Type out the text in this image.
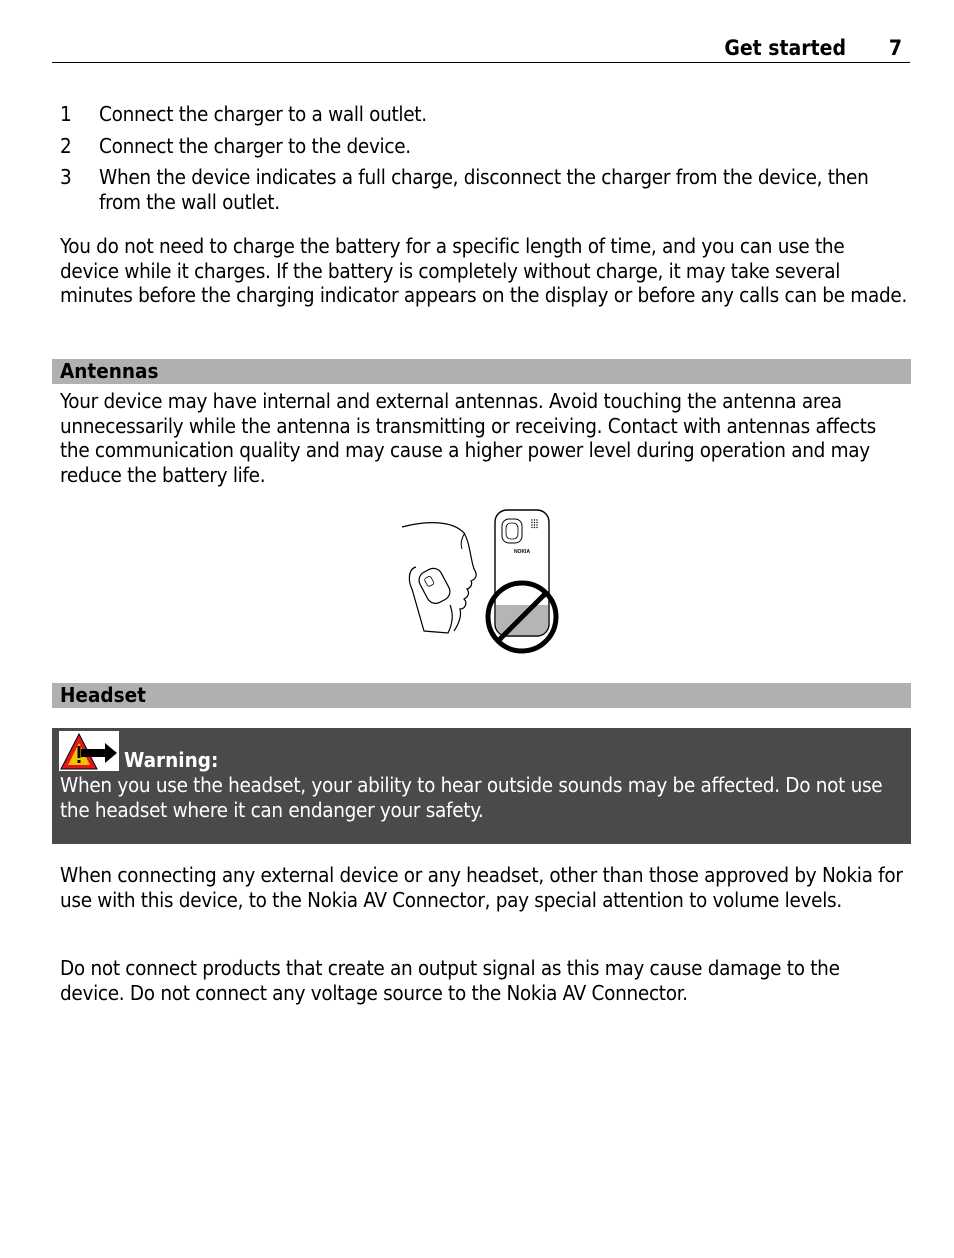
Get started 7
1	Connect the charger to a wall outlet.
2	Connect the charger to the device.
3	When the device indicates a full charge, disconnect the charger from the device, then from the wall outlet.

You do not need to charge the battery for a specific length of time, and you can use the device while it charges. If the battery is completely without charge, it may take several minutes before the charging indicator appears on the display or before any calls can be made.

Antennas

Your device may have internal and external antennas. Avoid touching the antenna area unnecessarily while the antenna is transmitting or receiving. Contact with antennas affects the communication quality and may cause a higher power level during operation and may reduce the battery life.

NOKIA
Headset
Warning:
When you use the headset, your ability to hear outside sounds may be affected. Do not use the headset where it can endanger your safety.

When connecting any external device or any headset, other than those approved by Nokia for use with this device, to the Nokia AV Connector, pay special attention to volume levels.

Do not connect products that create an output signal as this may cause damage to the device. Do not connect any voltage source to the Nokia AV Connector.
